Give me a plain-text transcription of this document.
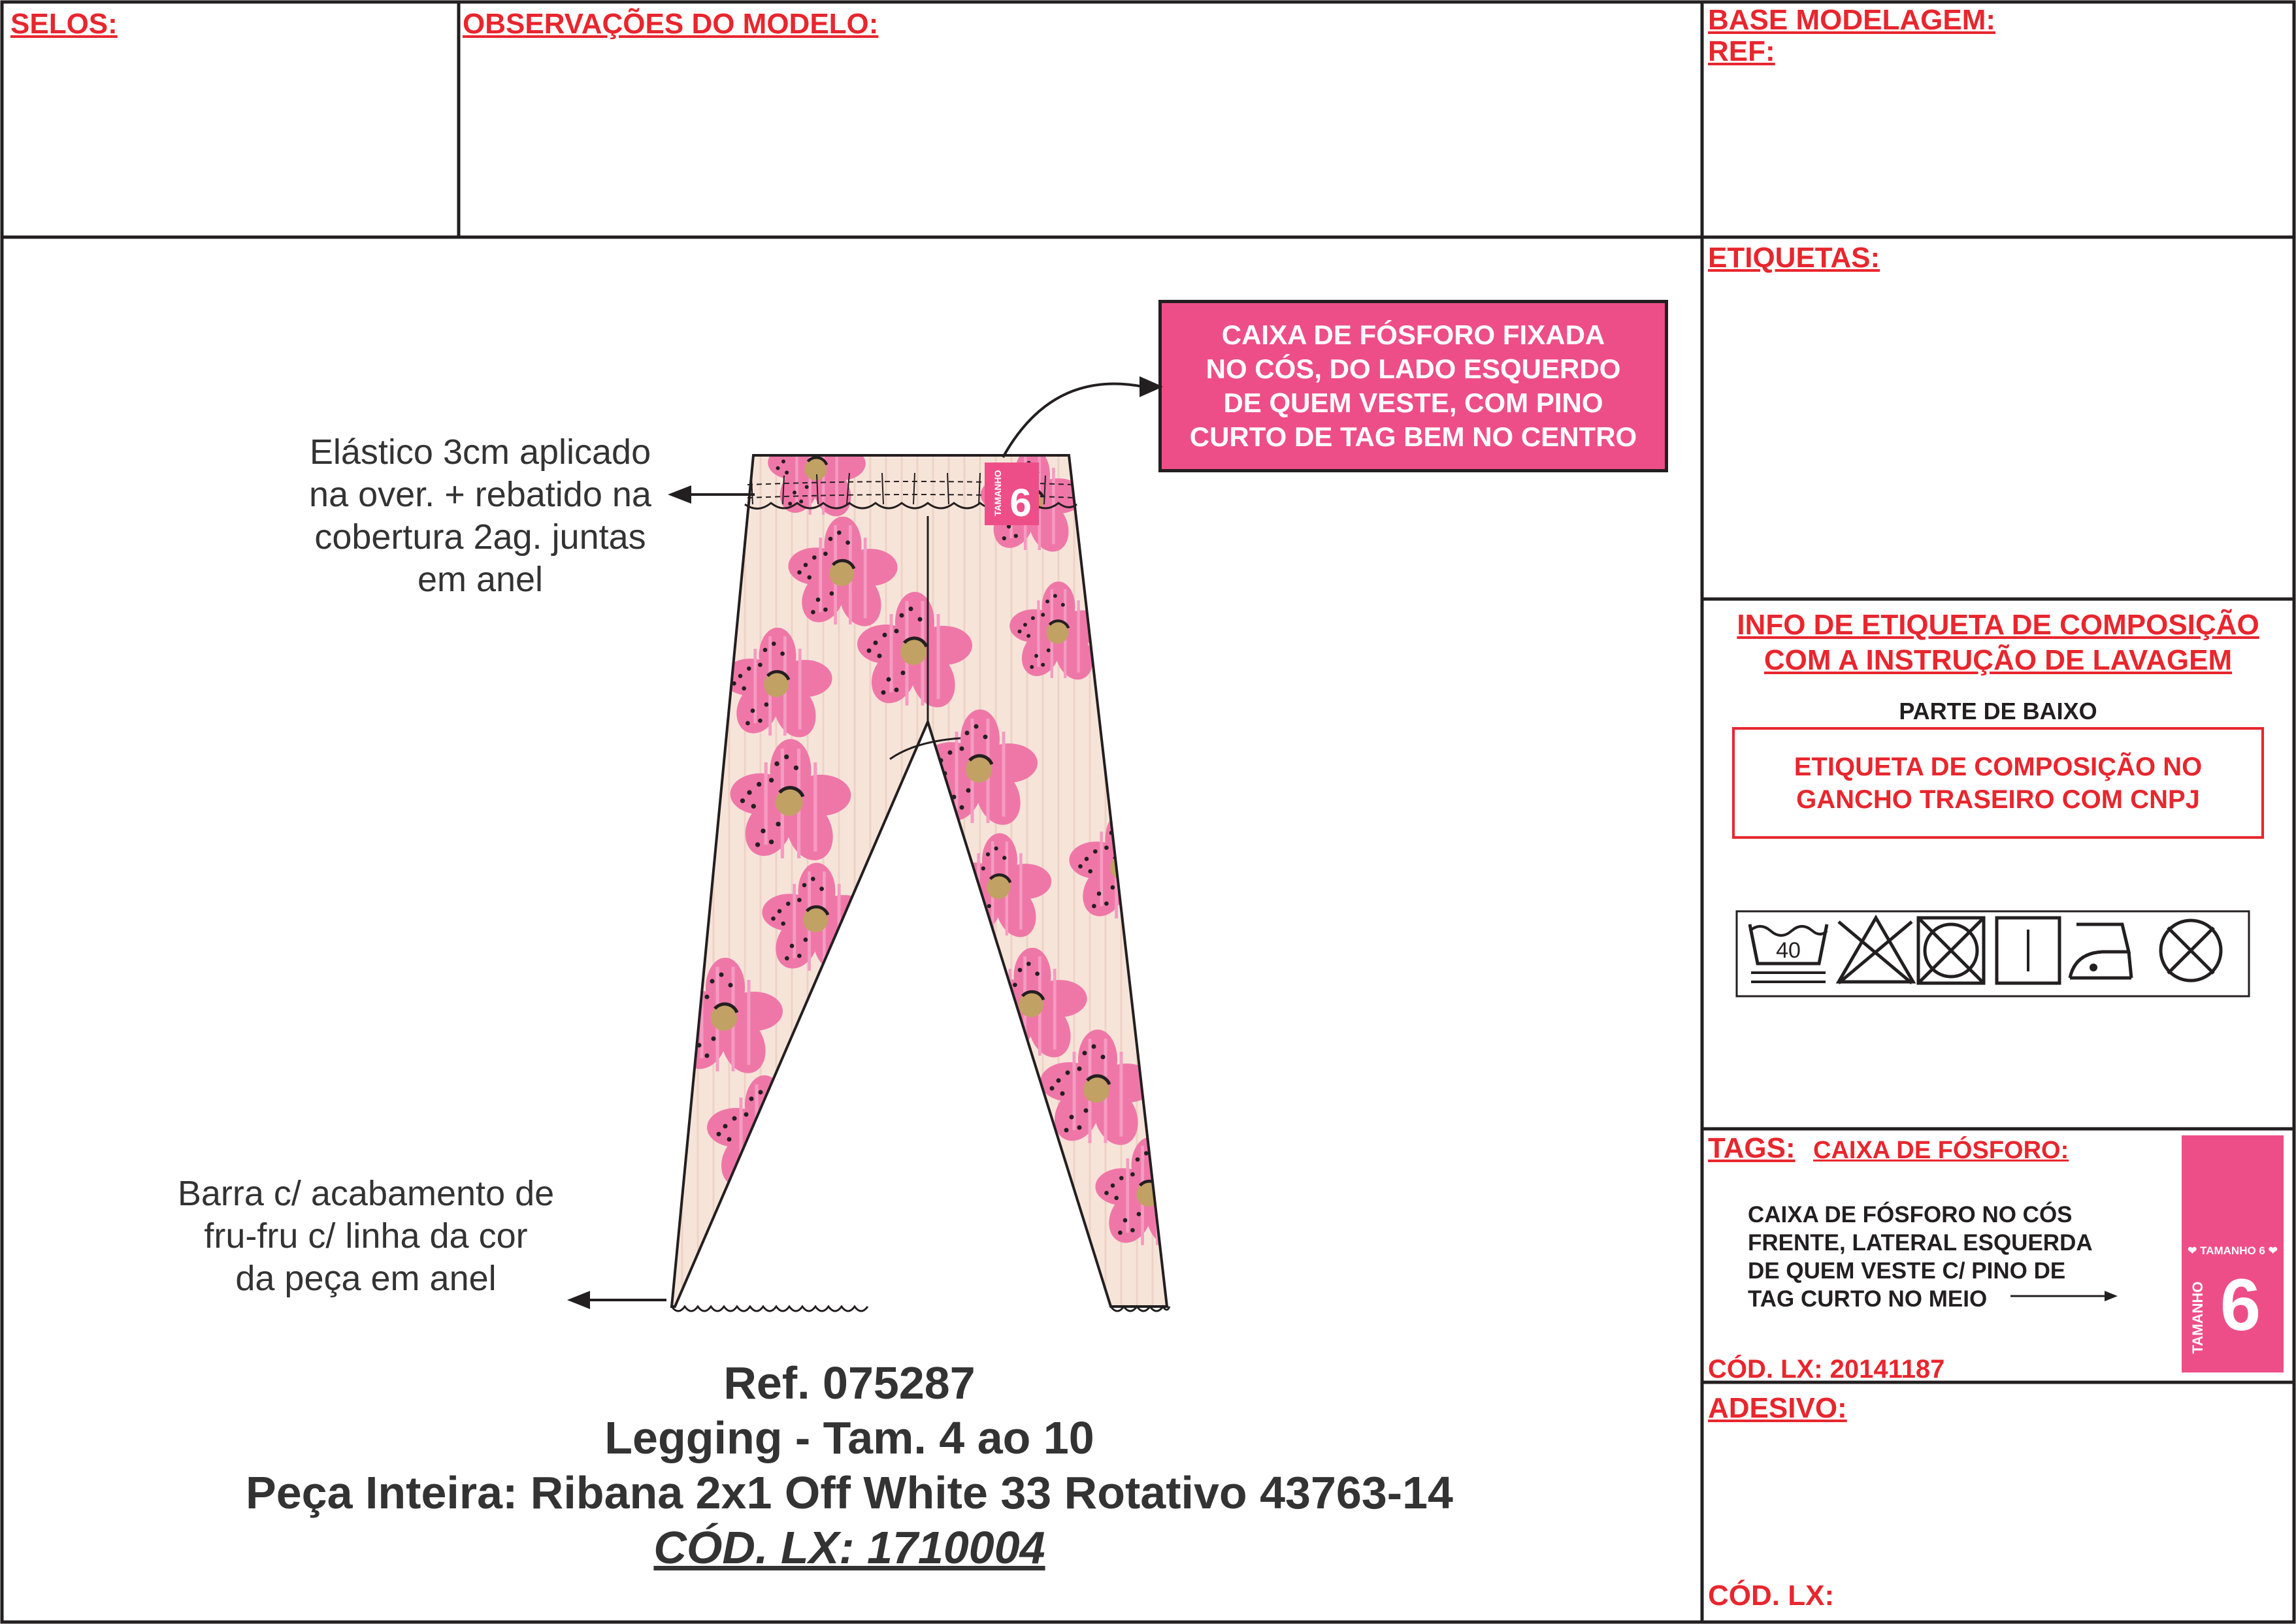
SELOS:	OBSERVAÇÕES DO MODELO:	BASE MODELAGEM:
REF:
ETIQUETAS:
INFO DE ETIQUETA DE COMPOSIÇÃO
COM A INSTRUÇÃO DE LAVAGEM
PARTE DE BAIXO
ETIQUETA DE COMPOSIÇÃO NO
GANCHO TRASEIRO COM CNPJ
40
TAGS: CAIXA DE FÓSFORO:
CAIXA DE FÓSFORO NO CÓS
FRENTE, LATERAL ESQUERDA
DE QUEM VESTE C/ PINO DE
TAG CURTO NO MEIO
❤ TAMANHO 6 ❤
TAMANHO 6
CÓD. LX: 20141187
ADESIVO:
CÓD. LX:
CAIXA DE FÓSFORO FIXADA
NO CÓS, DO LADO ESQUERDO
DE QUEM VESTE, COM PINO
CURTO DE TAG BEM NO CENTRO
Elástico 3cm aplicado
na over. + rebatido na
cobertura 2ag. juntas
em anel
Barra c/ acabamento de
fru-fru c/ linha da cor
da peça em anel
6
TAMANHO
Ref. 075287
Legging - Tam. 4 ao 10
Peça Inteira: Ribana 2x1 Off White 33 Rotativo 43763-14
CÓD. LX: 1710004
